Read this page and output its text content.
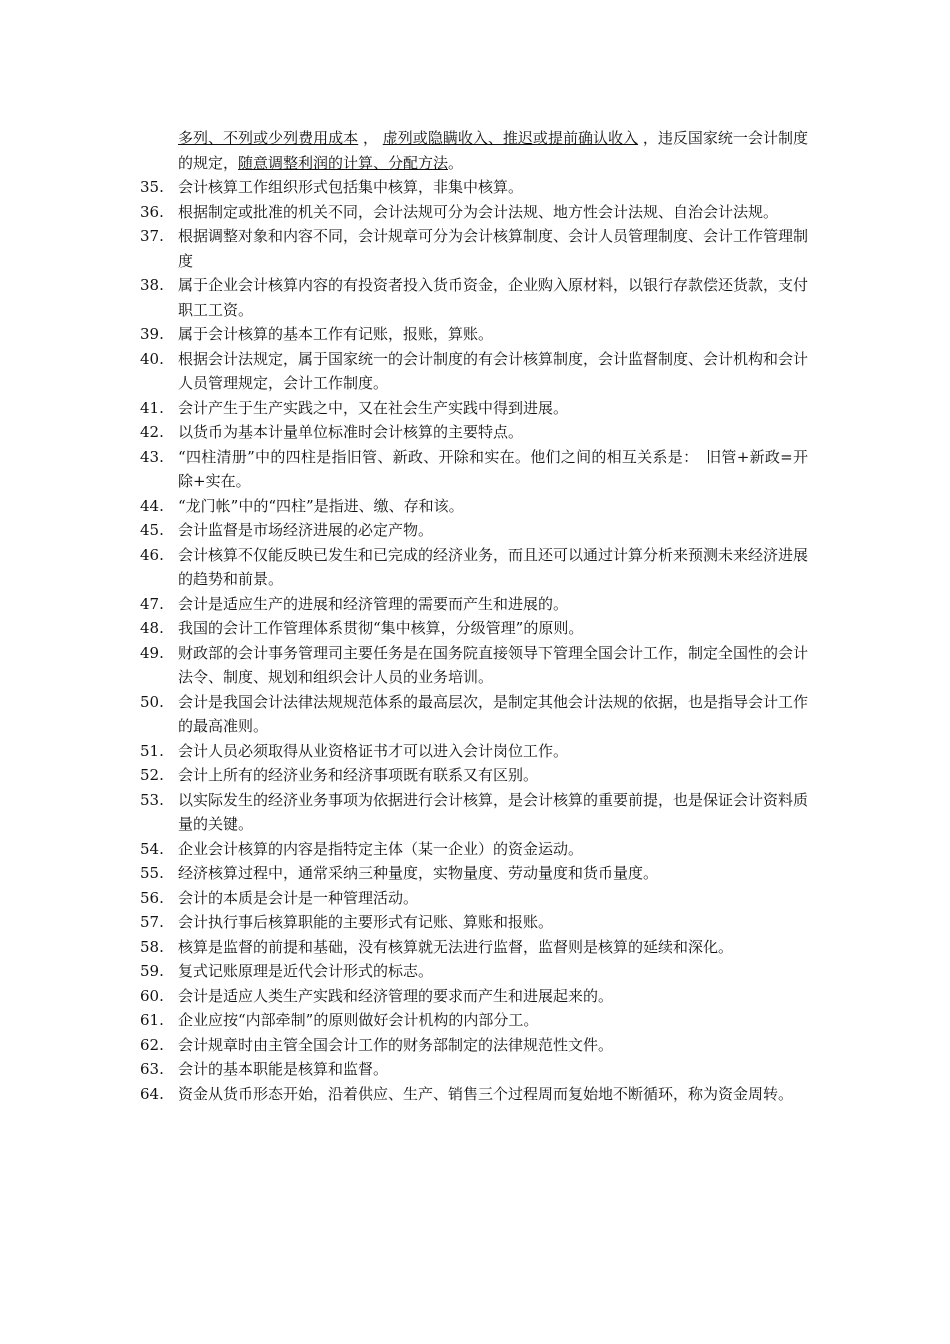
多列、不列或少列费用成本 ， 虚列或隐瞒收入、推迟或提前确认收入 ，违反国家统一会计制度的规定，随意调整利润的计算、分配方法。
35. 会计核算工作组织形式包括集中核算，非集中核算。
36. 根据制定或批准的机关不同，会计法规可分为会计法规、地方性会计法规、自治会计法规。
37. 根据调整对象和内容不同，会计规章可分为会计核算制度、会计人员管理制度、会计工作管理制度
38. 属于企业会计核算内容的有投资者投入货币资金，企业购入原材料，以银行存款偿还货款，支付职工工资。
39. 属于会计核算的基本工作有记账，报账，算账。
40. 根据会计法规定，属于国家统一的会计制度的有会计核算制度，会计监督制度、会计机构和会计人员管理规定，会计工作制度。
41. 会计产生于生产实践之中，又在社会生产实践中得到进展。
42. 以货币为基本计量单位标准时会计核算的主要特点。
43. “四柱清册”中的四柱是指旧管、新政、开除和实在。他们之间的相互关系是：　旧管+新政=开除+实在。
44. “龙门帐”中的“四柱”是指进、缴、存和该。
45. 会计监督是市场经济进展的必定产物。
46. 会计核算不仅能反映已发生和已完成的经济业务，而且还可以通过计算分析来预测未来经济进展的趋势和前景。
47. 会计是适应生产的进展和经济管理的需要而产生和进展的。
48. 我国的会计工作管理体系贯彻“集中核算，分级管理”的原则。
49. 财政部的会计事务管理司主要任务是在国务院直接领导下管理全国会计工作，制定全国性的会计法令、制度、规划和组织会计人员的业务培训。
50. 会计是我国会计法律法规规范体系的最高层次，是制定其他会计法规的依据，也是指导会计工作的最高准则。
51. 会计人员必须取得从业资格证书才可以进入会计岗位工作。
52. 会计上所有的经济业务和经济事项既有联系又有区别。
53. 以实际发生的经济业务事项为依据进行会计核算，是会计核算的重要前提，也是保证会计资料质量的关键。
54. 企业会计核算的内容是指特定主体（某一企业）的资金运动。
55. 经济核算过程中，通常采纳三种量度，实物量度、劳动量度和货币量度。
56. 会计的本质是会计是一种管理活动。
57. 会计执行事后核算职能的主要形式有记账、算账和报账。
58. 核算是监督的前提和基础，没有核算就无法进行监督，监督则是核算的延续和深化。
59. 复式记账原理是近代会计形式的标志。
60. 会计是适应人类生产实践和经济管理的要求而产生和进展起来的。
61. 企业应按“内部牵制”的原则做好会计机构的内部分工。
62. 会计规章时由主管全国会计工作的财务部制定的法律规范性文件。
63. 会计的基本职能是核算和监督。
64. 资金从货币形态开始，沿着供应、生产、销售三个过程周而复始地不断循环，称为资金周转。
